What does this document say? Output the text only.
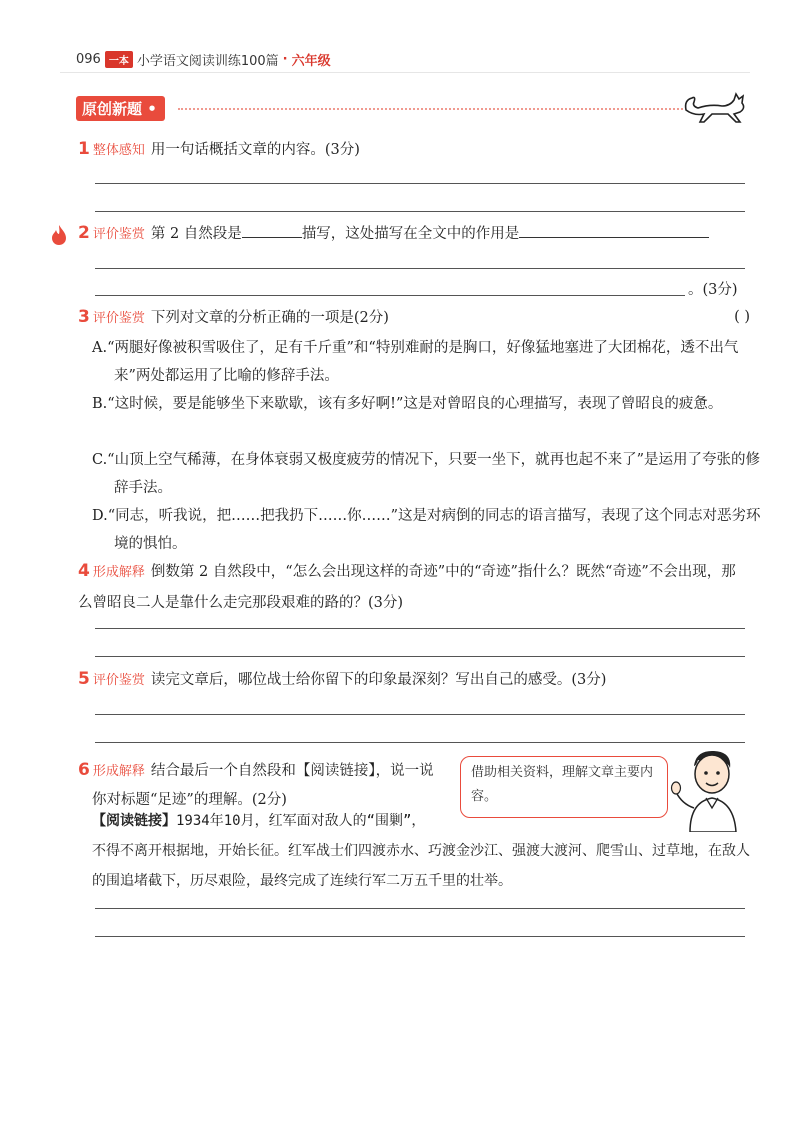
096 一本 小学语文阅读训练100篇 · 六年级
原创新题 •
1 整体感知 用一句话概括文章的内容。(3分)
2 评价鉴赏 第 2 自然段是	描写，这处描写在全文中的作用是
。(3分)
3 评价鉴赏 下列对文章的分析正确的一项是(2分)	( )
A.“两腿好像被积雪吸住了，足有千斤重”和“特别难耐的是胸口，好像猛地塞进了大团棉花，透不出气来”两处都运用了比喻的修辞手法。
B.“这时候，要是能够坐下来歇歇，该有多好啊!”这是对曾昭良的心理描写，表现了曾昭良的疲惫。
C.“山顶上空气稀薄，在身体衰弱又极度疲劳的情况下，只要一坐下，就再也起不来了”是运用了夸张的修辞手法。
D.“同志，听我说，把……把我扔下……你……”这是对病倒的同志的语言描写，表现了这个同志对恶劣环境的惧怕。
4 形成解释 倒数第 2 自然段中，“怎么会出现这样的奇迹”中的“奇迹”指什么？既然“奇迹”不会出现，那么曾昭良二人是靠什么走完那段艰难的路的？(3分)
5 评价鉴赏 读完文章后，哪位战士给你留下的印象最深刻？写出自己的感受。(3分)
6 形成解释 结合最后一个自然段和【阅读链接】，说一说
你对标题“足迹”的理解。(2分)
借助相关资料，理解文章主要内容。
【阅读链接】1934年10月，红军面对敌人的“围剿”，
不得不离开根据地，开始长征。红军战士们四渡赤水、巧渡金沙江、强渡大渡河、爬雪山、过草地，在敌人的围追堵截下，历尽艰险，最终完成了连续行军二万五千里的壮举。
